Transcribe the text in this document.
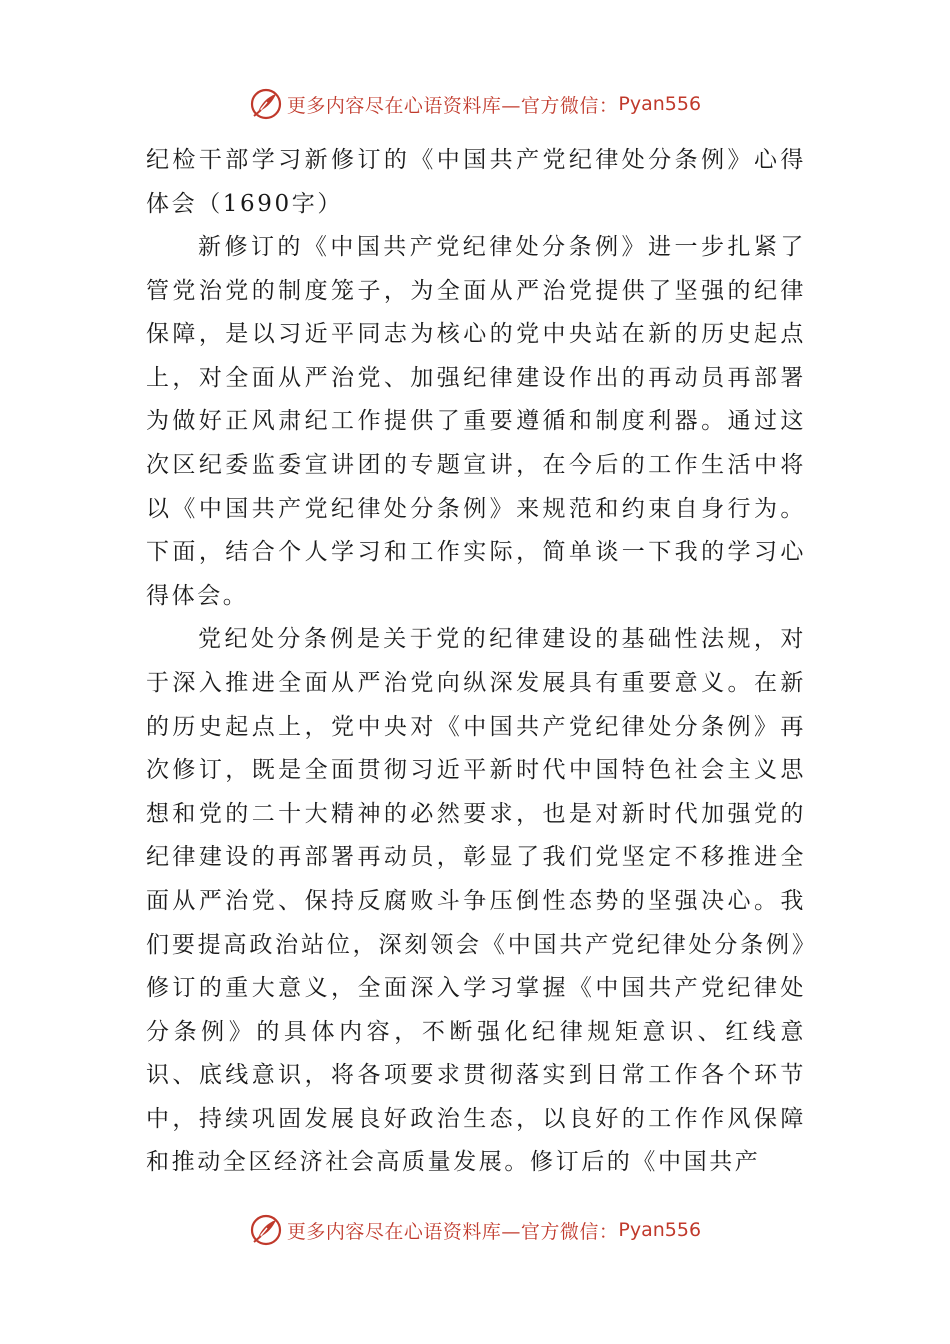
更多内容尽在心语资料库—官方微信： Pyan556
纪检干部学习新修订的《中国共产党纪律处分条例》心得体会（1690字）

新修订的《中国共产党纪律处分条例》进一步扎紧了管党治党的制度笼子，为全面从严治党提供了坚强的纪律保障，是以习近平同志为核心的党中央站在新的历史起点上，对全面从严治党、加强纪律建设作出的再动员再部署为做好正风肃纪工作提供了重要遵循和制度利器。通过这次区纪委监委宣讲团的专题宣讲，在今后的工作生活中将以《中国共产党纪律处分条例》来规范和约束自身行为。下面，结合个人学习和工作实际，简单谈一下我的学习心得体会。

党纪处分条例是关于党的纪律建设的基础性法规，对于深入推进全面从严治党向纵深发展具有重要意义。在新的历史起点上，党中央对《中国共产党纪律处分条例》再次修订，既是全面贯彻习近平新时代中国特色社会主义思想和党的二十大精神的必然要求，也是对新时代加强党的纪律建设的再部署再动员，彰显了我们党坚定不移推进全面从严治党、保持反腐败斗争压倒性态势的坚强决心。我们要提高政治站位，深刻领会《中国共产党纪律处分条例》修订的重大意义，全面深入学习掌握《中国共产党纪律处分条例》的具体内容，不断强化纪律规矩意识、红线意识、底线意识，将各项要求贯彻落实到日常工作各个环节中，持续巩固发展良好政治生态，以良好的工作作风保障和推动全区经济社会高质量发展。修订后的《中国共产

更多内容尽在心语资料库—官方微信： Pyan556
